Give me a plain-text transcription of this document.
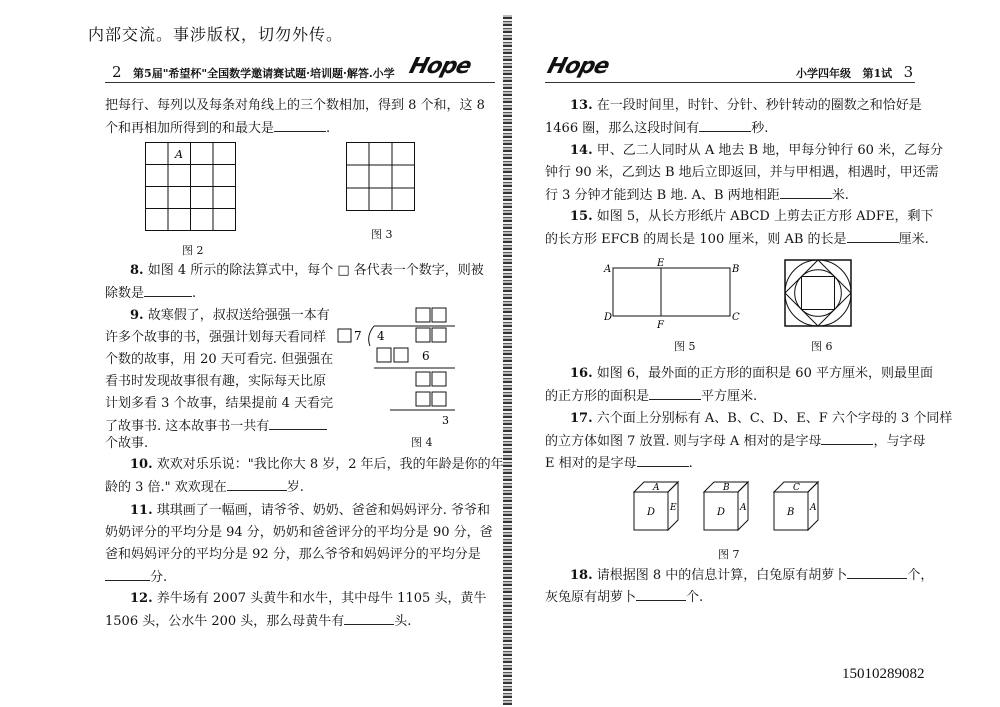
内部交流。事涉版权，切勿外传。
2 第5届"希望杯"全国数学邀请赛试题·培训题·解答.小学 Hope	Hope	小学四年级 第1试 3
把每行、每列以及每条对角线上的三个数相加，得到 8 个和，这 8
个和再相加所得到的和最大是	.
A
图 2
图 3
8. 如图 4 所示的除法算式中，每个 □ 各代表一个数字，则被
除数是	.
9. 故寒假了，叔叔送给强强一本有
许多个故事的书，强强计划每天看同样
个数的故事，用 20 天可看完. 但强强在
看书时发现故事很有趣，实际每天比原
计划多看 3 个故事，结果提前 4 天看完
了故事书. 这本故事书一共有
个故事.
7 4
6
3
图 4
10. 欢欢对乐乐说："我比你大 8 岁，2 年后，我的年龄是你的年
龄的 3 倍." 欢欢现在	岁.
11. 琪琪画了一幅画，请爷爷、奶奶、爸爸和妈妈评分. 爷爷和
奶奶评分的平均分是 94 分，奶奶和爸爸评分的平均分是 90 分，爸
爸和妈妈评分的平均分是 92 分，那么爷爷和妈妈评分的平均分是
分.
12. 养牛场有 2007 头黄牛和水牛，其中母牛 1105 头，黄牛
1506 头，公水牛 200 头，那么母黄牛有	头.
13. 在一段时间里，时针、分针、秒针转动的圈数之和恰好是
1466 圈，那么这段时间有	秒.
14. 甲、乙二人同时从 A 地去 B 地，甲每分钟行 60 米，乙每分
钟行 90 米，乙到达 B 地后立即返回，并与甲相遇，相遇时，甲还需
行 3 分钟才能到达 B 地. A、B 两地相距	米.
15. 如图 5，从长方形纸片 ABCD 上剪去正方形 ADFE，剩下
的长方形 EFCB 的周长是 100 厘米，则 AB 的长是	厘米.
A
E
B
D
F
C
图 5	图 6
16. 如图 6，最外面的正方形的面积是 60 平方厘米，则最里面
的正方形的面积是	平方厘米.
17. 六个面上分别标有 A、B、C、D、E、F 六个字母的 3 个同样
的立方体如图 7 放置. 则与字母 A 相对的是字母	，与字母
E 相对的是字母	.
A
D E
B
D A
C
B A
图 7
18. 请根据图 8 中的信息计算，白兔原有胡萝卜	个，
灰兔原有胡萝卜	个.
15010289082
